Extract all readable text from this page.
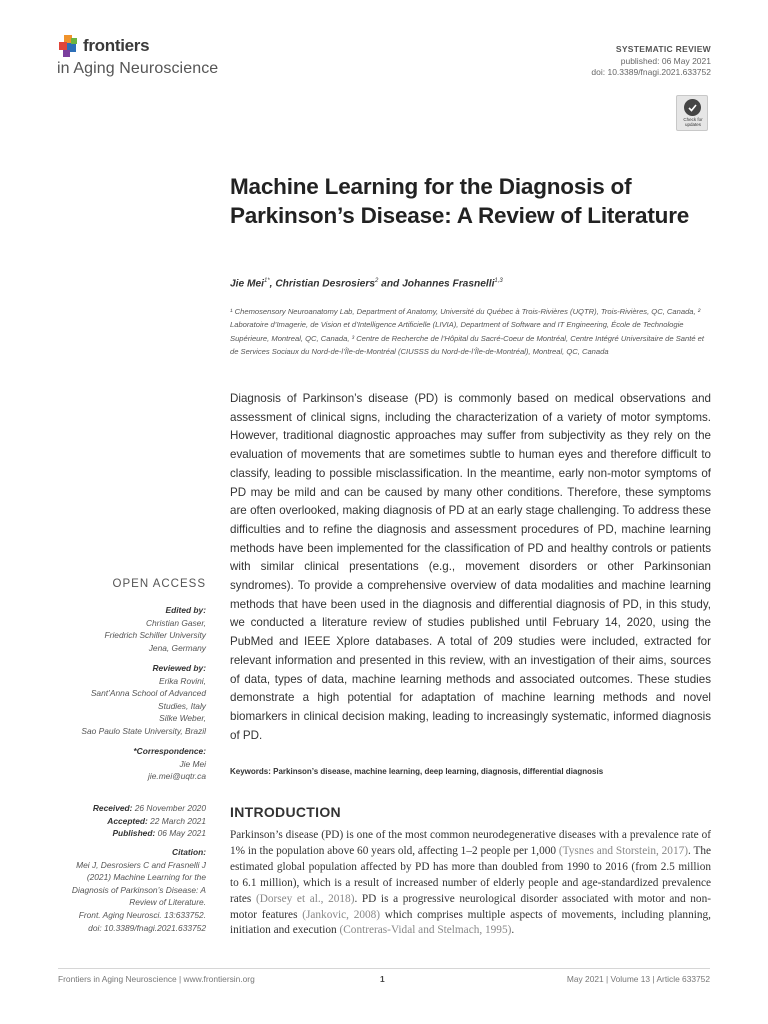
frontiers
in Aging Neuroscience
SYSTEMATIC REVIEW
published: 06 May 2021
doi: 10.3389/fnagi.2021.633752
Check for updates
Machine Learning for the Diagnosis of Parkinson’s Disease: A Review of Literature
Jie Mei$^{1*}$, Christian Desrosiers$^2$ and Johannes Frasnelli$^{1,3}$
¹ Chemosensory Neuroanatomy Lab, Department of Anatomy, Université du Québec à Trois-Rivières (UQTR), Trois-Rivières, QC, Canada, ² Laboratoire d’Imagerie, de Vision et d’Intelligence Artificielle (LIVIA), Department of Software and IT Engineering, École de Technologie Supérieure, Montreal, QC, Canada, ³ Centre de Recherche de l’Hôpital du Sacré-Coeur de Montréal, Centre Intégré Universitaire de Santé et de Services Sociaux du Nord-de-l’Île-de-Montréal (CIUSSS du Nord-de-l’Île-de-Montréal), Montreal, QC, Canada
Diagnosis of Parkinson’s disease (PD) is commonly based on medical observations and assessment of clinical signs, including the characterization of a variety of motor symptoms. However, traditional diagnostic approaches may suffer from subjectivity as they rely on the evaluation of movements that are sometimes subtle to human eyes and therefore difficult to classify, leading to possible misclassification. In the meantime, early non-motor symptoms of PD may be mild and can be caused by many other conditions. Therefore, these symptoms are often overlooked, making diagnosis of PD at an early stage challenging. To address these difficulties and to refine the diagnosis and assessment procedures of PD, machine learning methods have been implemented for the classification of PD and healthy controls or patients with similar clinical presentations (e.g., movement disorders or other Parkinsonian syndromes). To provide a comprehensive overview of data modalities and machine learning methods that have been used in the diagnosis and differential diagnosis of PD, in this study, we conducted a literature review of studies published until February 14, 2020, using the PubMed and IEEE Xplore databases. A total of 209 studies were included, extracted for relevant information and presented in this review, with an investigation of their aims, sources of data, types of data, machine learning methods and associated outcomes. These studies demonstrate a high potential for adaptation of machine learning methods and novel biomarkers in clinical decision making, leading to increasingly systematic, informed diagnosis of PD.
Keywords: Parkinson’s disease, machine learning, deep learning, diagnosis, differential diagnosis
INTRODUCTION
Parkinson’s disease (PD) is one of the most common neurodegenerative diseases with a prevalence rate of 1% in the population above 60 years old, affecting 1–2 people per 1,000 (Tysnes and Storstein, 2017). The estimated global population affected by PD has more than doubled from 1990 to 2016 (from 2.5 million to 6.1 million), which is a result of increased number of elderly people and age-standardized prevalence rates (Dorsey et al., 2018). PD is a progressive neurological disorder associated with motor and non-motor features (Jankovic, 2008) which comprises multiple aspects of movements, including planning, initiation and execution (Contreras-Vidal and Stelmach, 1995).
OPEN ACCESS
Edited by:
Christian Gaser,
Friedrich Schiller University
Jena, Germany
Reviewed by:
Erika Rovini,
Sant’Anna School of Advanced
Studies, Italy
Silke Weber,
Sao Paulo State University, Brazil
*Correspondence:
Jie Mei
jie.mei@uqtr.ca
Received: 26 November 2020
Accepted: 22 March 2021
Published: 06 May 2021
Citation:
Mei J, Desrosiers C and Frasnelli J
(2021) Machine Learning for the
Diagnosis of Parkinson’s Disease: A
Review of Literature.
Front. Aging Neurosci. 13:633752.
doi: 10.3389/fnagi.2021.633752
Frontiers in Aging Neuroscience | www.frontiersin.org	1	May 2021 | Volume 13 | Article 633752
